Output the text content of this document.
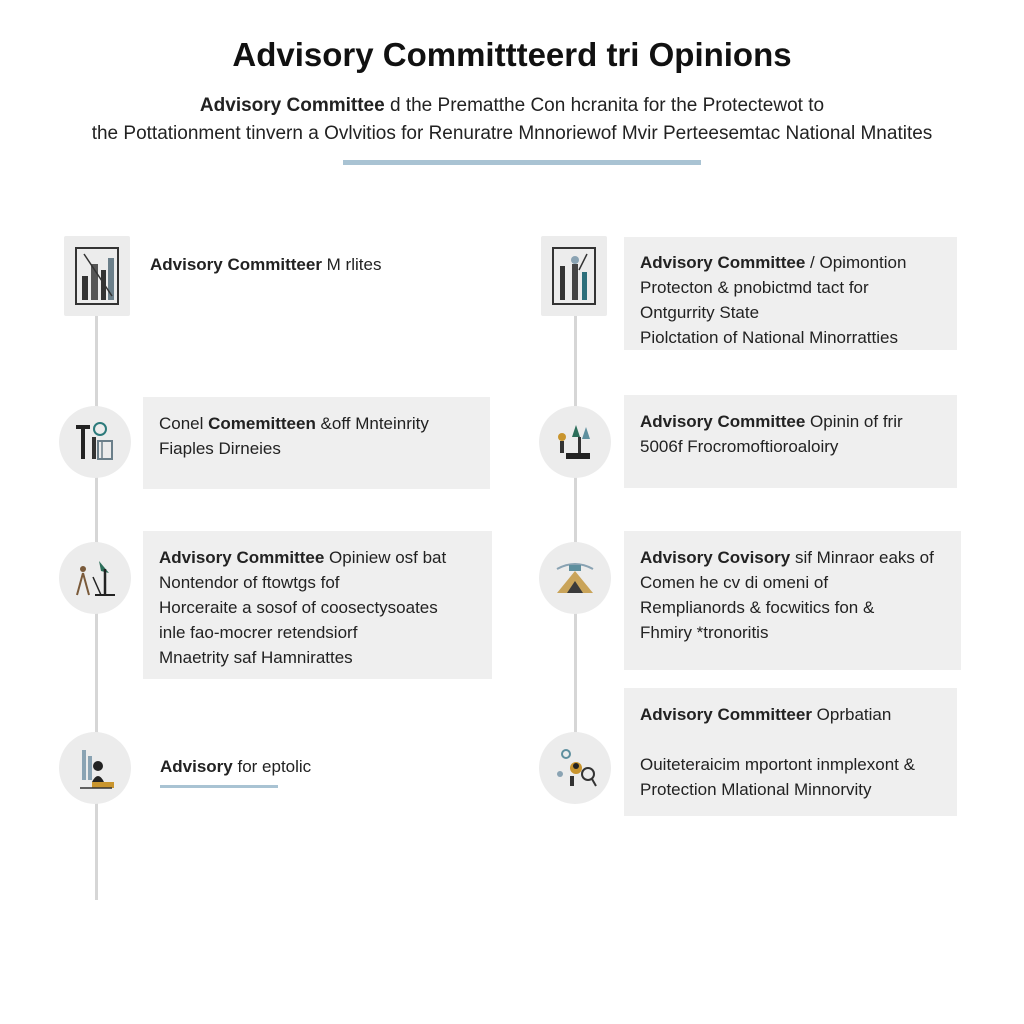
Advisory Committteerd tri Opinions
Advisory Committee d the Prematthe Con hcranita for the Protectewot to
the Pottationment tinvern a Ovlvitios for Renuratre Mnnoriewof Mvir Perteesemtac National Mnatites
Advisory Committeer M rlites
Conel Comemitteen &off Mnteinrity
Fiaples Dirneies
Advisory Committee Opiniew osf bat
Nontendor of ftowtgs fof
Horceraite a sosof of coosectysoates
inle fao-mocrer retendsiorf
Mnaetrity saf Hamnirattes
Advisory for eptolic
Advisory Committee / Opimontion
Protecton & pnobictmd tact for
Ontgurrity State
Piolctation of National Minorratties
Advisory Committee Opinin of frir
5006f Frocromoftioroaloiry
Advisory Covisory sif Minraor eaks of
Comen he cv di omeni of
Remplianords & focwitics fon &
Fhmiry *tronoritis
Advisory Committeer Oprbatian

Ouiteteraicim mportont inmplexont &
Protection Mlational Minnorvity
